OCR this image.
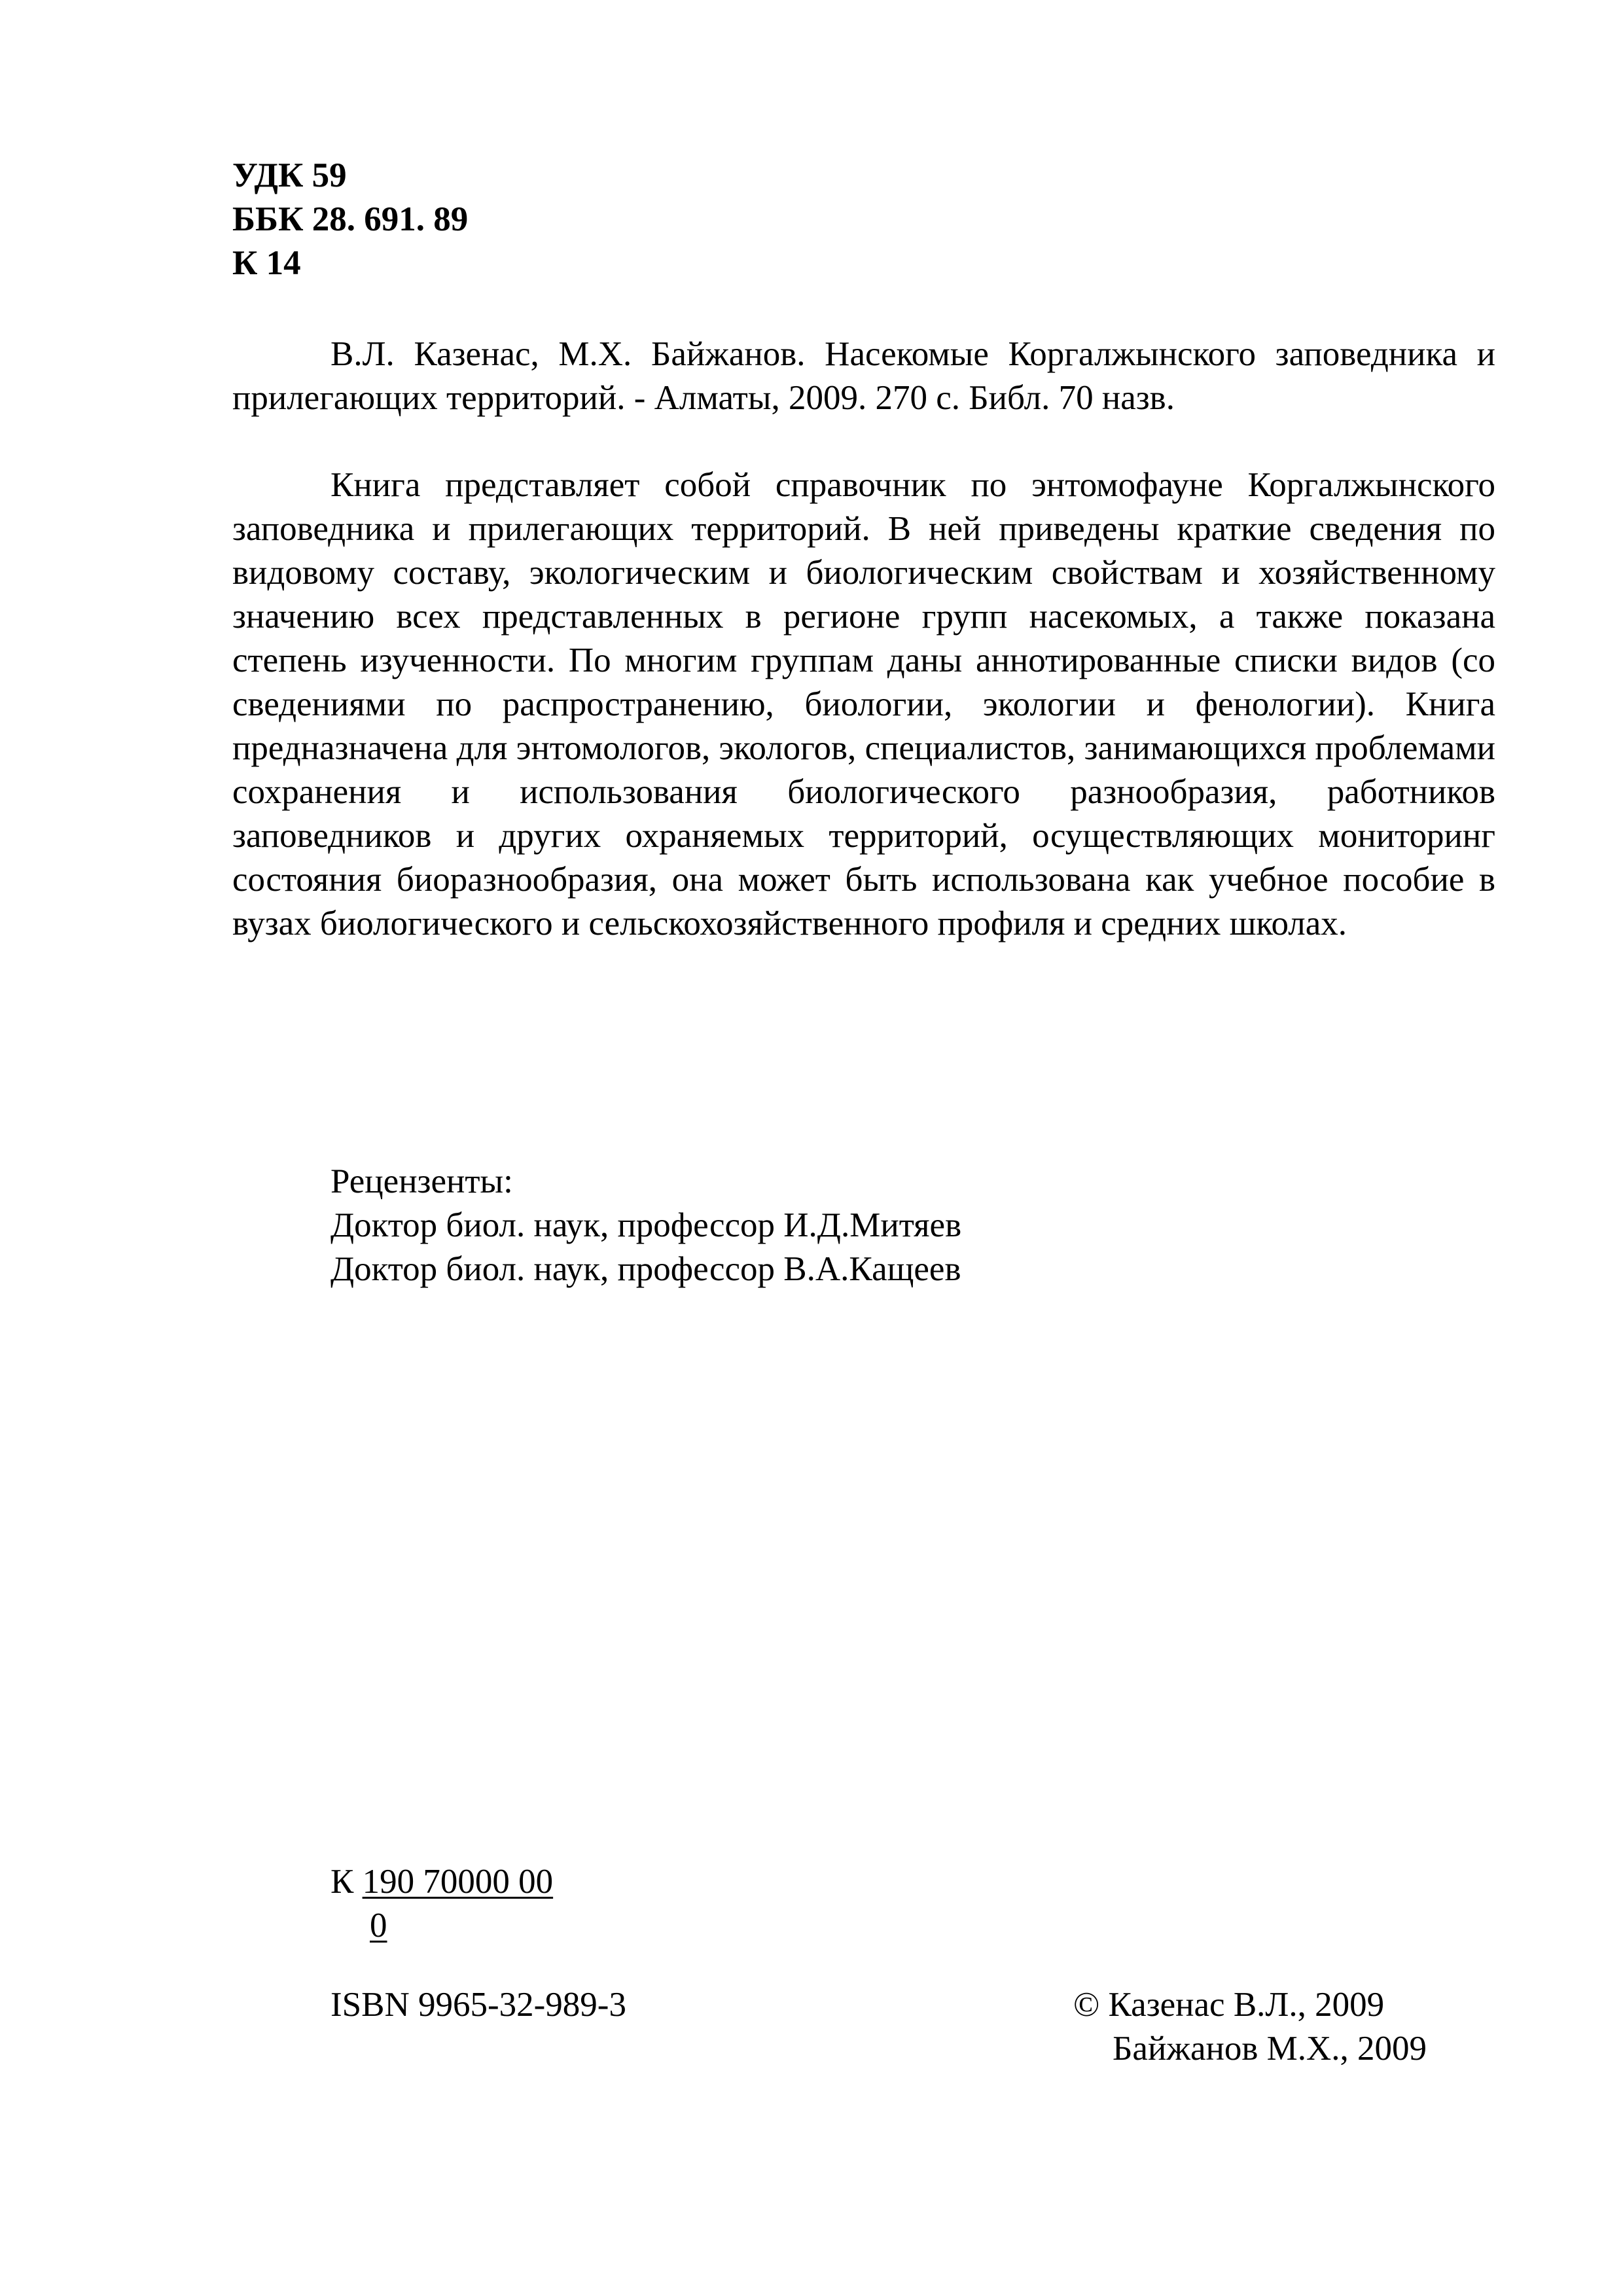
УДК 59
ББК 28. 691. 89
К 14
В.Л. Казенас, М.Х. Байжанов. Насекомые Коргалжынского заповедника и прилегающих территорий. - Алматы, 2009. 270 с. Библ. 70 назв.
Книга представляет собой справочник по энтомофауне Коргалжынского заповедника и прилегающих территорий. В ней приведены краткие сведения по видовому составу, экологическим и биологическим свойствам и хозяйственному значению всех представленных в регионе групп насекомых, а также показана степень изученности. По многим группам даны аннотированные списки видов (со сведениями по распространению, биологии, экологии и фенологии). Книга предназначена для энтомологов, экологов, специалистов, занимающихся проблемами сохранения и использования биологического разнообразия, работников заповедников и других охраняемых территорий, осуществляющих мониторинг состояния биоразнообразия, она может быть использована как учебное пособие в вузах биологического и сельскохозяйственного профиля и средних школах.
Рецензенты:
Доктор биол. наук, профессор И.Д.Митяев
Доктор биол. наук, профессор В.А.Кащеев
К 190 70000 00
0
ISBN 9965-32-989-3	© Казенас В.Л., 2009
Байжанов М.Х., 2009
